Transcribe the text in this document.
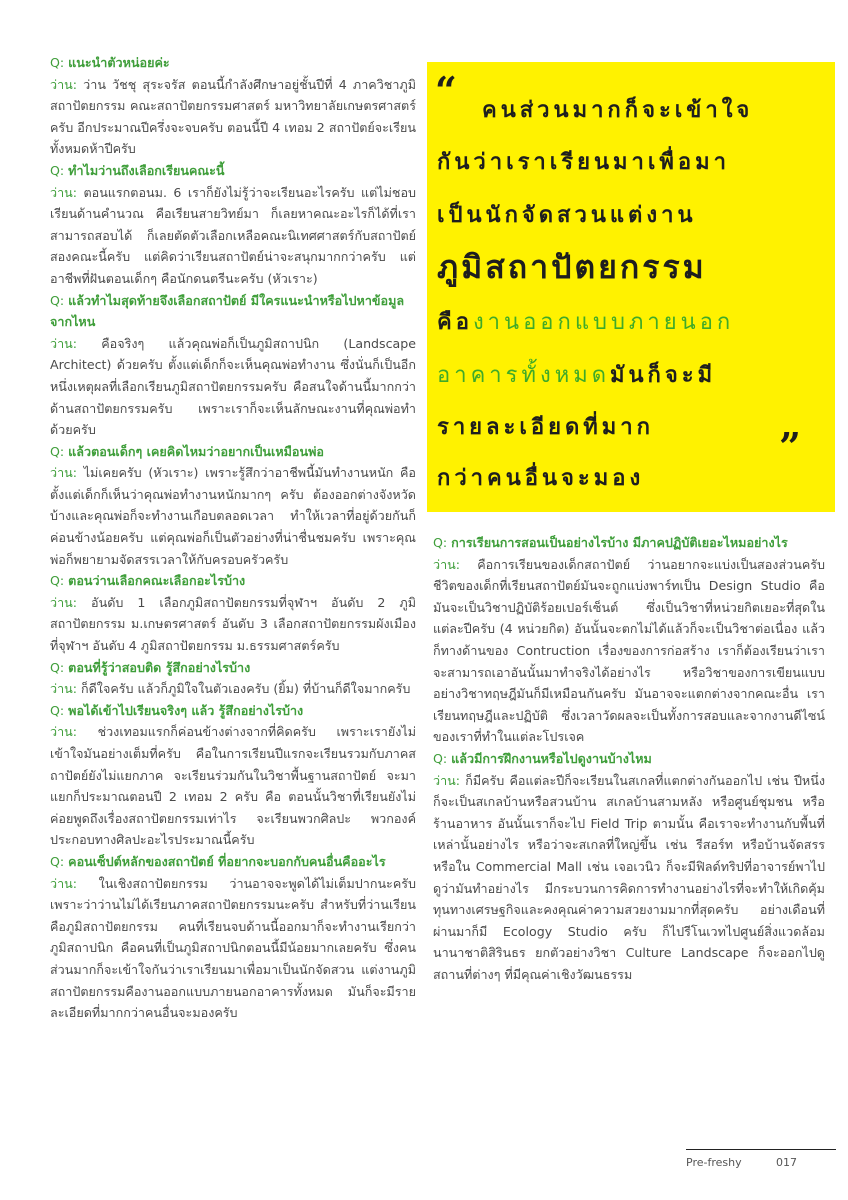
Q: แนะนำตัวหน่อยค่ะ

ว่าน: ว่าน วัชชุ สุระจรัส ตอนนี้กำลังศึกษาอยู่ชั้นปีที่ 4 ภาควิชาภูมิสถาปัตยกรรม คณะสถาปัตยกรรมศาสตร์ มหาวิทยาลัยเกษตรศาสตร์ครับ อีกประมาณปีครึ่งจะจบครับ ตอนนี้ปี 4 เทอม 2 สถาปัตย์จะเรียนทั้งหมดห้าปีครับ

Q: ทำไมว่านถึงเลือกเรียนคณะนี้

ว่าน: ตอนแรกตอนม. 6 เราก็ยังไม่รู้ว่าจะเรียนอะไรครับ แต่ไม่ชอบเรียนด้านคำนวณ คือเรียนสายวิทย์มา ก็เลยหาคณะอะไรก็ได้ที่เราสามารถสอบได้ ก็เลยตัดตัวเลือกเหลือคณะนิเทศศาสตร์กับสถาปัตย์สองคณะนี้ครับ แต่คิดว่าเรียนสถาปัตย์น่าจะสนุกมากกว่าครับ แต่อาชีพที่ฝันตอนเด็กๆ คือนักดนตรีนะครับ (หัวเราะ)

Q: แล้วทำไมสุดท้ายจึงเลือกสถาปัตย์ มีใครแนะนำหรือไปหาข้อมูลจากไหน

ว่าน: คือจริงๆ แล้วคุณพ่อก็เป็นภูมิสถาปนิก (Landscape Architect) ด้วยครับ ตั้งแต่เด็กก็จะเห็นคุณพ่อทำงาน ซึ่งนั่นก็เป็นอีกหนึ่งเหตุผลที่เลือกเรียนภูมิสถาปัตยกรรมครับ คือสนใจด้านนี้มากกว่าด้านสถาปัตยกรรมครับ เพราะเราก็จะเห็นลักษณะงานที่คุณพ่อทำด้วยครับ

Q: แล้วตอนเด็กๆ เคยคิดไหมว่าอยากเป็นเหมือนพ่อ

ว่าน: ไม่เคยครับ (หัวเราะ) เพราะรู้สึกว่าอาชีพนี้มันทำงานหนัก คือตั้งแต่เด็กก็เห็นว่าคุณพ่อทำงานหนักมากๆ ครับ ต้องออกต่างจังหวัดบ้างและคุณพ่อก็จะทำงานเกือบตลอดเวลา ทำให้เวลาที่อยู่ด้วยกันก็ค่อนข้างน้อยครับ แต่คุณพ่อก็เป็นตัวอย่างที่น่าชื่นชมครับ เพราะคุณพ่อก็พยายามจัดสรรเวลาให้กับครอบครัวครับ

Q: ตอนว่านเลือกคณะเลือกอะไรบ้าง

ว่าน: อันดับ 1 เลือกภูมิสถาปัตยกรรมที่จุฬาฯ อันดับ 2 ภูมิสถาปัตยกรรม ม.เกษตรศาสตร์ อันดับ 3 เลือกสถาปัตยกรรมผังเมืองที่จุฬาฯ อันดับ 4 ภูมิสถาปัตยกรรม ม.ธรรมศาสตร์ครับ

Q: ตอนที่รู้ว่าสอบติด รู้สึกอย่างไรบ้าง

ว่าน: ก็ดีใจครับ แล้วก็ภูมิใจในตัวเองครับ (ยิ้ม) ที่บ้านก็ดีใจมากครับ

Q: พอได้เข้าไปเรียนจริงๆ แล้ว รู้สึกอย่างไรบ้าง

ว่าน: ช่วงเทอมแรกก็ค่อนข้างต่างจากที่คิดครับ เพราะเรายังไม่เข้าใจมันอย่างเต็มที่ครับ คือในการเรียนปีแรกจะเรียนรวมกับภาคสถาปัตย์ยังไม่แยกภาค จะเรียนร่วมกันในวิชาพื้นฐานสถาปัตย์ จะมาแยกก็ประมาณตอนปี 2 เทอม 2 ครับ คือ ตอนนั้นวิชาที่เรียนยังไม่ค่อยพูดถึงเรื่องสถาปัตยกรรมเท่าไร จะเรียนพวกศิลปะ พวกองค์ประกอบทางศิลปะอะไรประมาณนี้ครับ

Q: คอนเซ็ปต์หลักของสถาปัตย์ ที่อยากจะบอกกับคนอื่นคืออะไร

ว่าน: ในเชิงสถาปัตยกรรม ว่านอาจจะพูดได้ไม่เต็มปากนะครับ เพราะว่าว่านไม่ได้เรียนภาคสถาปัตยกรรมนะครับ สำหรับที่ว่านเรียนคือภูมิสถาปัตยกรรม คนที่เรียนจบด้านนี้ออกมาก็จะทำงานเรียกว่าภูมิสถาปนิก คือคนที่เป็นภูมิสถาปนิกตอนนี้มีน้อยมากเลยครับ ซึ่งคนส่วนมากก็จะเข้าใจกันว่าเราเรียนมาเพื่อมาเป็นนักจัดสวน แต่งานภูมิสถาปัตยกรรมคืองานออกแบบภายนอกอาคารทั้งหมด มันก็จะมีรายละเอียดที่มากกว่าคนอื่นจะมองครับ

Q: การเรียนการสอนเป็นอย่างไรบ้าง มีภาคปฏิบัติเยอะไหมอย่างไร

ว่าน: คือการเรียนของเด็กสถาปัตย์ ว่านอยากจะแบ่งเป็นสองส่วนครับ ชีวิตของเด็กที่เรียนสถาปัตย์มันจะถูกแบ่งพาร์ทเป็น Design Studio คือมันจะเป็นวิชาปฏิบัติร้อยเปอร์เซ็นต์ ซึ่งเป็นวิชาที่หน่วยกิตเยอะที่สุดในแต่ละปีครับ (4 หน่วยกิต) อันนั้นจะตกไม่ได้แล้วก็จะเป็นวิชาต่อเนื่อง แล้วก็ทางด้านของ Contruction เรื่องของการก่อสร้าง เราก็ต้องเรียนว่าเราจะสามารถเอาอันนั้นมาทำจริงได้อย่างไร หรือวิชาของการเขียนแบบ อย่างวิชาทฤษฎีมันก็มีเหมือนกันครับ มันอาจจะแตกต่างจากคณะอื่น เราเรียนทฤษฎีและปฏิบัติ ซึ่งเวลาวัดผลจะเป็นทั้งการสอบและจากงานดีไซน์ของเราที่ทำในแต่ละโปรเจค

Q: แล้วมีการฝึกงานหรือไปดูงานบ้างไหม

ว่าน: ก็มีครับ คือแต่ละปีก็จะเรียนในสเกลที่แตกต่างกันออกไป เช่น ปีหนึ่งก็จะเป็นสเกลบ้านหรือสวนบ้าน สเกลบ้านสามหลัง หรือศูนย์ชุมชน หรือร้านอาหาร อันนั้นเราก็จะไป Field Trip ตามนั้น คือเราจะทำงานกับพื้นที่เหล่านั้นอย่างไร หรือว่าจะสเกลที่ใหญ่ขึ้น เช่น รีสอร์ท หรือบ้านจัดสรร หรือใน Commercial Mall เช่น เจอเวนิว ก็จะมีฟิลด์ทริปที่อาจารย์พาไปดูว่ามันทำอย่างไร มีกระบวนการคิดการทำงานอย่างไรที่จะทำให้เกิดคุ้มทุนทางเศรษฐกิจและคงคุณค่าความสวยงามมากที่สุดครับ อย่างเดือนที่ผ่านมาก็มี Ecology Studio ครับ ก็ไปรีโนเวทไปศูนย์สิ่งแวดล้อมนานาชาติสิรินธร ยกตัวอย่างวิชา Culture Landscape ก็จะออกไปดูสถานที่ต่างๆ ที่มีคุณค่าเชิงวัฒนธรรม

“
”
คนส่วนมากก็จะเข้าใจ
กันว่าเราเรียนมาเพื่อมา
เป็นนักจัดสวนแต่งาน
ภูมิสถาปัตยกรรม
คืองานออกแบบภายนอก
อาคารทั้งหมดมันก็จะมี
รายละเอียดที่มาก
กว่าคนอื่นจะมอง
Pre-freshy	017
